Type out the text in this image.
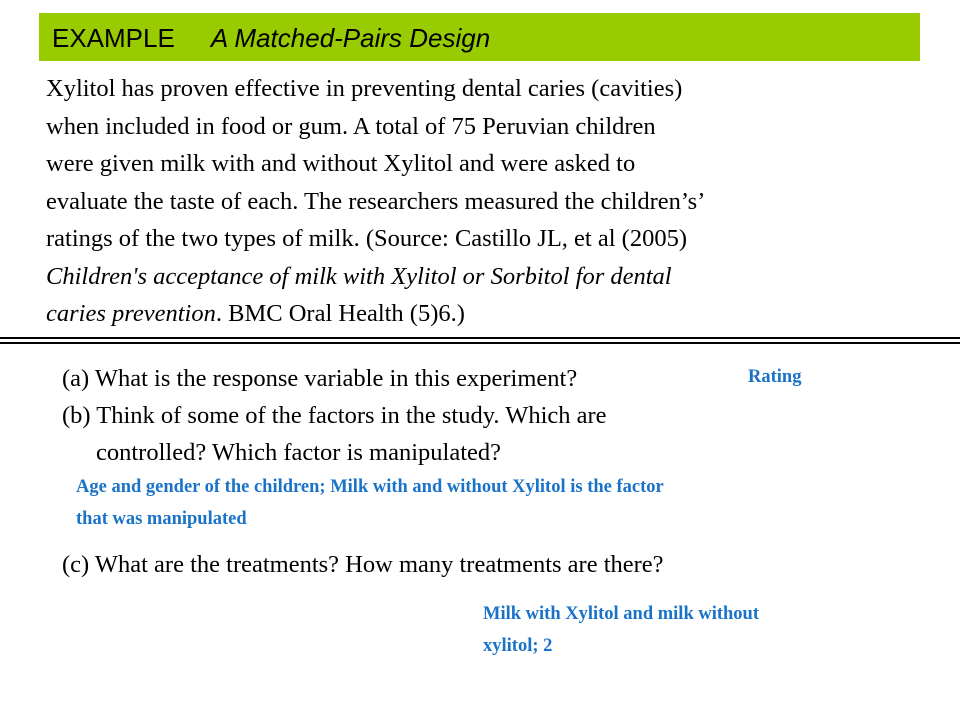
EXAMPLE A Matched-Pairs Design
Xylitol has proven effective in preventing dental caries (cavities)
when included in food or gum. A total of 75 Peruvian children
were given milk with and without Xylitol and were asked to
evaluate the taste of each. The researchers measured the children’s’
ratings of the two types of milk. (Source: Castillo JL, et al (2005)
Children's acceptance of milk with Xylitol or Sorbitol for dental
caries prevention. BMC Oral Health (5)6.)
(a) What is the response variable in this experiment?	Rating
(b) Think of some of the factors in the study. Which are
controlled? Which factor is manipulated?
Age and gender of the children; Milk with and without Xylitol is the factor
that was manipulated
(c) What are the treatments? How many treatments are there?
Milk with Xylitol and milk without
xylitol; 2
